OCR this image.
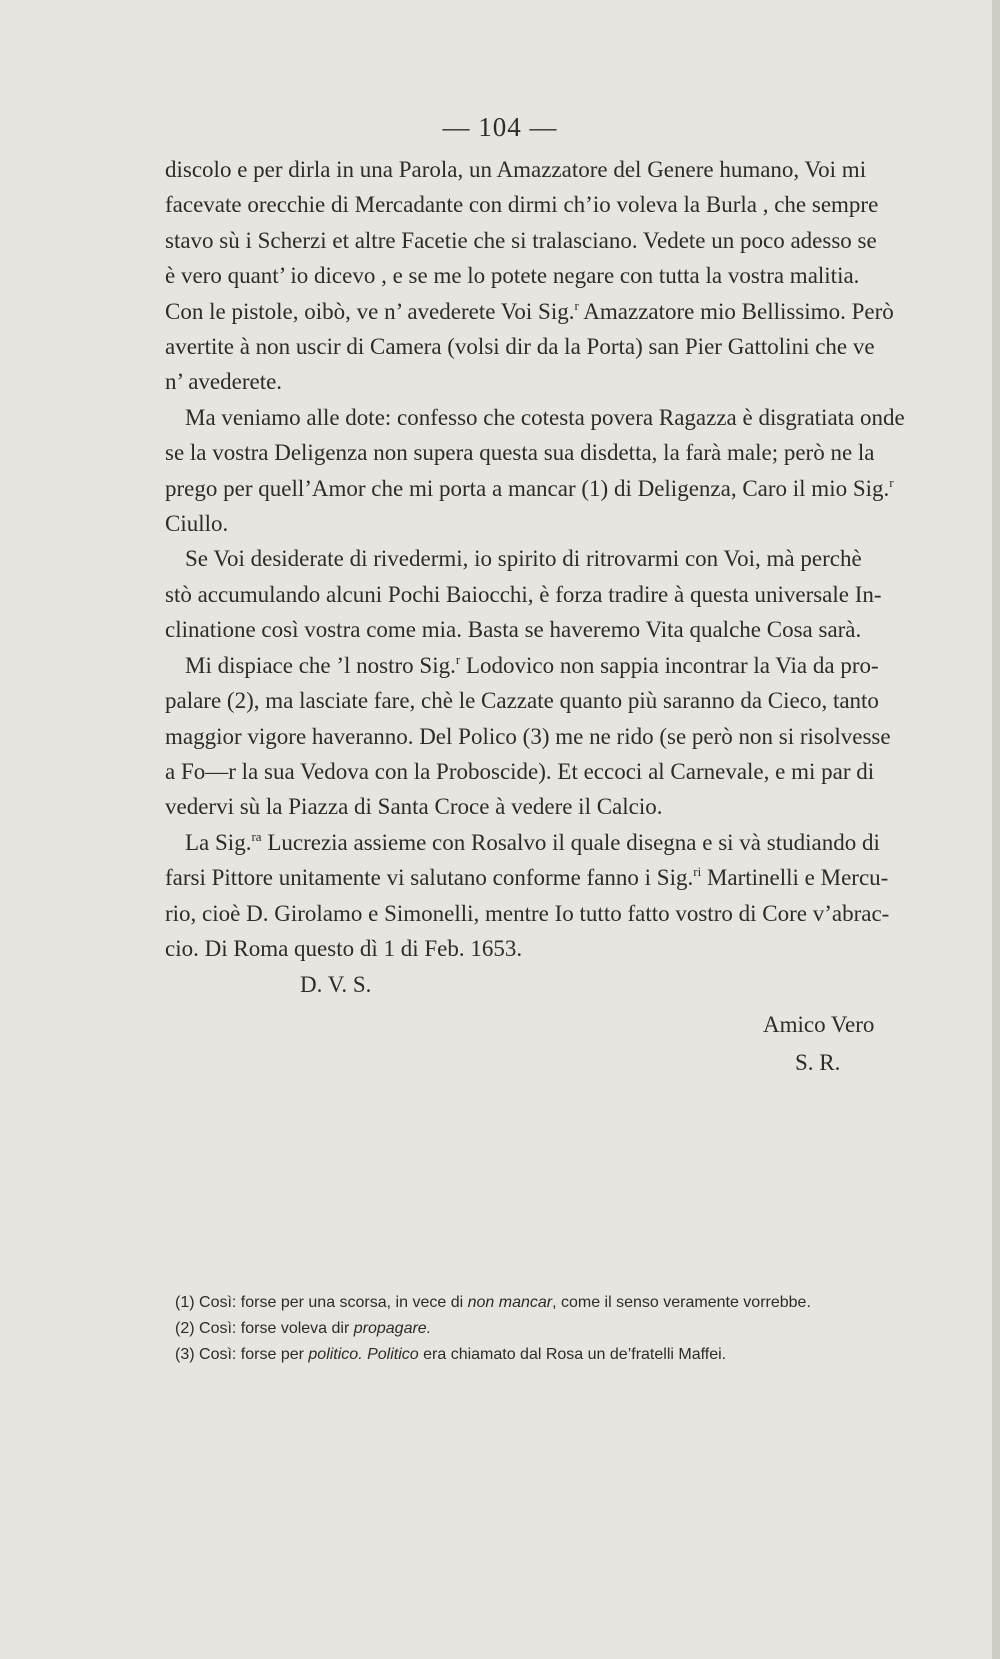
— 104 —

discolo e per dirla in una Parola, un Amazzatore del Genere humano, Voi mi
facevate orecchie di Mercadante con dirmi ch’io voleva la Burla , che sempre
stavo sù i Scherzi et altre Facetie che si tralasciano. Vedete un poco adesso se
è vero quant’ io dicevo , e se me lo potete negare con tutta la vostra malitia.
Con le pistole, oibò, ve n’ avederete Voi Sig.$^r$ Amazzatore mio Bellissimo. Però
avertite à non uscir di Camera (volsi dir da la Porta) san Pier Gattolini che ve
n’ avederete.

Ma veniamo alle dote: confesso che cotesta povera Ragazza è disgratiata onde
se la vostra Deligenza non supera questa sua disdetta, la farà male; però ne la
prego per quell’Amor che mi porta a mancar (1) di Deligenza, Caro il mio Sig.$^r$
Ciullo.

Se Voi desiderate di rivedermi, io spirito di ritrovarmi con Voi, mà perchè
stò accumulando alcuni Pochi Baiocchi, è forza tradire à questa universale In-
clinatione così vostra come mia. Basta se haveremo Vita qualche Cosa sarà.

Mi dispiace che ’l nostro Sig.$^r$ Lodovico non sappia incontrar la Via da pro-
palare (2), ma lasciate fare, chè le Cazzate quanto più saranno da Cieco, tanto
maggior vigore haveranno. Del Polico (3) me ne rido (se però non si risolvesse
a Fo—r la sua Vedova con la Proboscide). Et eccoci al Carnevale, e mi par di
vedervi sù la Piazza di Santa Croce à vedere il Calcio.

La Sig.$^{ra}$ Lucrezia assieme con Rosalvo il quale disegna e si và studiando di
farsi Pittore unitamente vi salutano conforme fanno i Sig.$^{ri}$ Martinelli e Mercu-
rio, cioè D. Girolamo e Simonelli, mentre Io tutto fatto vostro di Core v’abrac-
cio. Di Roma questo dì 1 di Feb. 1653.

D. V. S.
Amico Vero
S. R.
(1) Così: forse per una scorsa, in vece di non mancar, come il senso veramente vorrebbe.
(2) Così: forse voleva dir propagare.
(3) Così: forse per politico. Politico era chiamato dal Rosa un de’fratelli Maffei.
